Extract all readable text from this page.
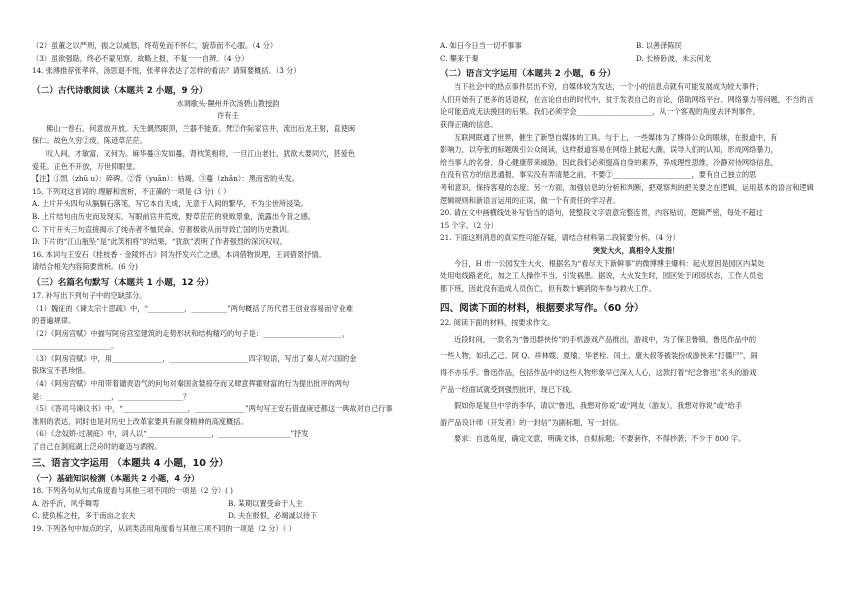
（2）虽董之以严刑，振之以威怒，终苟免而不怀仁，貌恭而不心服。（4 分）
（3）虽欲强聒，终必不蒙见察，故略上报，不复一一自辨。（4 分）
14. 张溥推荐张孝祥，汤思退不悦，张孝祥表达了怎样的看法？请简要概括。（3 分）
（二）古代诗歌阅读（本题共 2 小题，9 分）
水调歌头·隰州并次汤碧山教授韵
许有壬
佛山一卷石，何意放开放。天生偶然眼顶，兰器不能查。梵②作际家宫井，流出后龙王射，直使闽
保仁。故色久穷②废，陈迹草茫茫。
叹人间，才敏富，又何为。麻华蔓③发如蔓，肾枕笑相将，一旦江山老壮，犹欲大要同穴，甚爱色
爱花。正色不开放，万世仰眼堂。
【注】①凯（zhū u）：碎碑。②背（yuān）：枯竭。③蔓（zhǎn）：黑而密的头发。
15. 下列对这首词的 理解和赏析，不正确的一项是 (3 分)（ ）
A. 上片开头四句从膈膈石落笔，写它本自天成，无意于人间的繁华，不为尘世所浸染。
B. 上片结句由历史而及现实，写眼前宫井荒废，野草茫茫的衰败景象，流露出今昔之感。
C. 下片开头三句直接揭示了纯赤者不恤民命、穷奢极欲从而导致亡国的历史教训。
D. 下片的“江山瓶坠”是“此笑相将”的结果，“犹欲”表明了作者强烈的深沉叹叹。
16. 本词与王安石《桂枝香 · 金陵怀古》同为抒发兴亡之感，本词借物说理，王词借景抒情。
请结合相关内容简要赏析。(6 分)
（三）名篇名句默写（本题共 1 小题，12 分）
17. 补写出下列句子中的空缺部分。
（1）魏征的《谏太宗十思疏》中，“__________，__________”两句概括了历代君王创业容易而守业难
的普遍规律。
（2）《阿房宫赋》中描写阿房宫室建筑的走势形状和结构精巧的句子是：______________________，
______________________。
（3）《阿房宫赋》中，用______________，______________________四字短语，写出了秦人对六国的金
银珠宝不甚珍惜。
（4）《阿房宫赋》中用带着谴责语气的问句对秦国贪婪掠夺而又肆意挥霍财富的行为提出批评的两句
是：__________________，__________________？
（5）《答司马谏议书》中，“__________________，______________”两句写王安石借盘庚迁都这一典故对自己行事
准则的表达，同时也是对历史上改革家要具有献身精神的高度概括。
（6）《念奴娇·过洞庭》中，词人以“__________________，____________________”抒发
了自己在洞庭湖上泛舟时的豪迈与洒脱。
三、语言文字运用 （本题共 4 小题，10 分）
（一）基础知识检测（本题共 2 小题，4 分）
18. 下列各句从句式角度看与其他三项不同的一项是（2 分）( )
A. 浴乎沂，风乎舞雩	B. 某期以置受命于人主
C. 使负栋之柱，多于南亩之农夫	D. 夫在报恨，必竭诚以待下
19. 下列各句中加点的字，从词类活用角度看与其他三项不同的一项是（2 分）（ ）
A. 如日今日当一切不事事	B. 以善泽陈民
C. 攀来于秦	D. 长桥卧波，未云何龙
（二）语言文字运用（本题共 2 小题，6 分）
当下社会中的热点事件层出不穷，自媒体较为发达，一个小的信息点就有可能发展成为较大事件；
人们开始有了更多的话语权，在言论自由的时代中，贫于发表自己的言论，借助网络平台、网络暴力等问题，不当的言
论可能造成无法挽回的后果。我们必须学会_____________________，从一个客观的角度去评判事件，
获得正确的信息。
互联网联通了世界，催生了新型自媒体的工具。与于上，一些媒体为了博得公众的眼球，在报道中，有
影响力，以夸张的标题吸引公众阅读，这样报道容易在网络上掀起大潮，误导人们的认知，形成网络暴力，
给当事人的名誉、身心健康带来威胁。因此我们必须提高自身的素养，养成理性思维，冷静对待网络信息，
在没有官方的信息通报，事实没有弄清楚之前，不要②______________________，要有自己独立的思
考和意识，保持客观的态度；另一方面，加强信息的分析和判断，把观察判的把关要之在逻辑，运用基本的语言和逻辑
逻辑规则和新语言运用的正误，做一个有责任的学习者。
20. 请在文中画横线处补写恰当的语句，使整段文字语意完整连贯，内容贴切，逻辑严密，每处不超过
15 个字。（2 分）
21. 下面这则消息的真实性可能存疑，请结合材料第二段简要分析。（4 分）
突发大火，真相令人发指！
今日，H 市一公园发生大火，根据名为“看尽天下新鲜事”的微博博主爆料：起火原因是园区内某处
处用电线路老化，加之工人操作不当，引发祸患。据说，大火发生时，园区处于闭园状态，工作人员也
都下班，因此没有造成人员伤亡，但有数十辆消防车参与救火工作。
四、阅读下面的材料，根据要求写作。（60 分）
22. 阅读下面的材料，按要求作文。
近段时间，一款名为“鲁迅群侠传”的手机游戏产品推出，游戏中，为了保卫鲁镇，鲁迅作品中的
一些人物，如孔乙己、阿 Q、祥林嫂、夏瑜、华老栓、闰土、康大叔等被装扮成游侠来“打僵尸”，闹
得不亦乐乎。鲁迅作品，包括作品中的这些人物形象早已深入人心，这款打着“纪念鲁迅”名头的游戏
产品一经面试就受到强烈批评，现已下线。
假如你是复旦中学的李华，请以“鲁迅，我想对你说”或“网友（游友），我想对你说”或“给手
游产品设计师（开发者）的一封信”为副标题，写一封信。
要求：自选角度，确定文意，明确文体，自拟标题；不要套作，不得抄袭；不少于 800 字。
